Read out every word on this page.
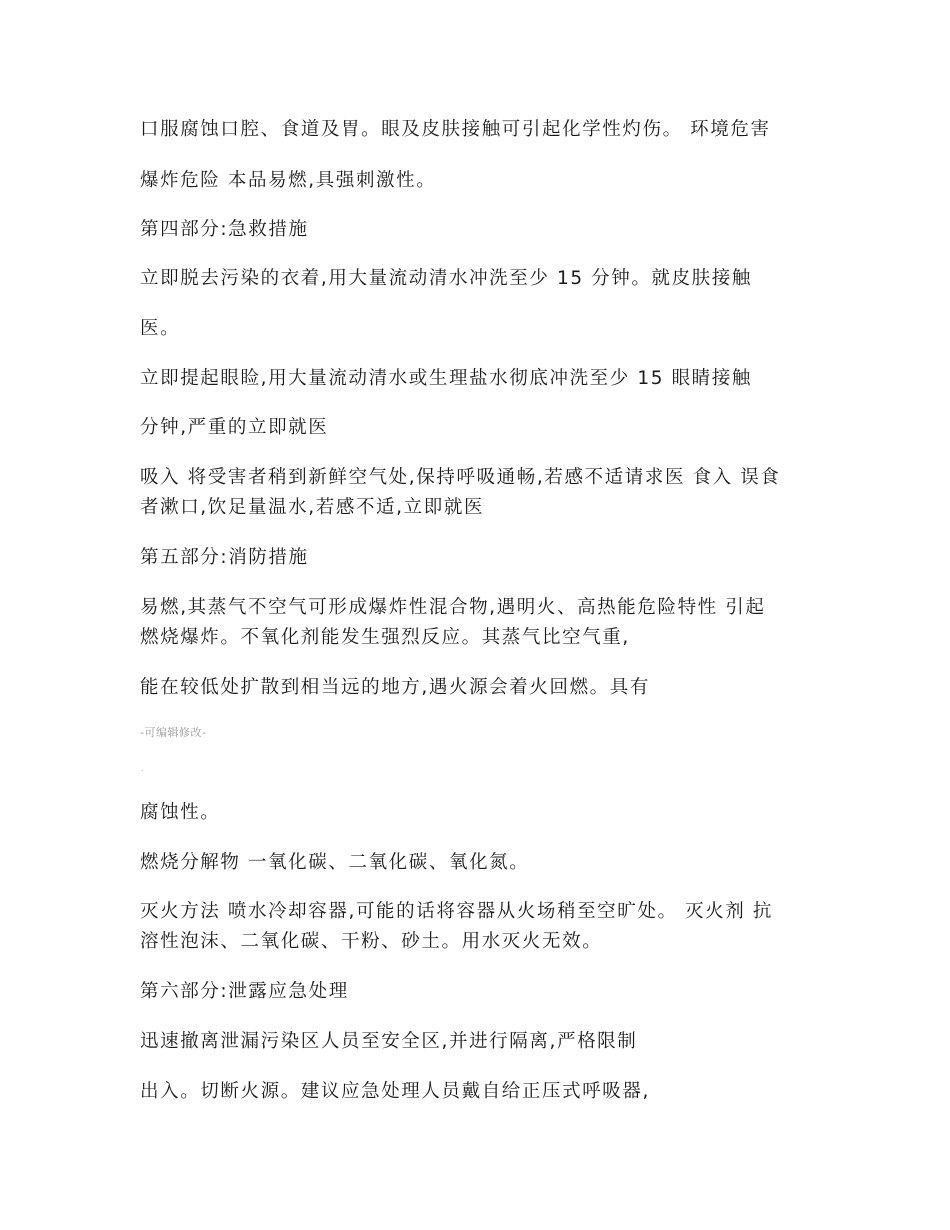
口服腐蚀口腔、食道及胃。眼及皮肤接触可引起化学性灼伤。 环境危害

爆炸危险 本品易燃,具强刺激性。

第四部分:急救措施

立即脱去污染的衣着,用大量流动清水冲洗至少 15 分钟。就皮肤接触

医。

立即提起眼睑,用大量流动清水或生理盐水彻底冲洗至少 15 眼睛接触

分钟,严重的立即就医

吸入 将受害者稍到新鲜空气处,保持呼吸通畅,若感不适请求医 食入 误食

者漱口,饮足量温水,若感不适,立即就医

第五部分:消防措施

易燃,其蒸气不空气可形成爆炸性混合物,遇明火、高热能危险特性 引起

燃烧爆炸。不氧化剂能发生强烈反应。其蒸气比空气重,

能在较低处扩散到相当远的地方,遇火源会着火回燃。具有

-可编辑修改-

.

腐蚀性。

燃烧分解物 一氧化碳、二氧化碳、氧化氮。

灭火方法 喷水冷却容器,可能的话将容器从火场稍至空旷处。 灭火剂 抗

溶性泡沫、二氧化碳、干粉、砂土。用水灭火无效。

第六部分:泄露应急处理

迅速撤离泄漏污染区人员至安全区,并进行隔离,严格限制

出入。切断火源。建议应急处理人员戴自给正压式呼吸器,
